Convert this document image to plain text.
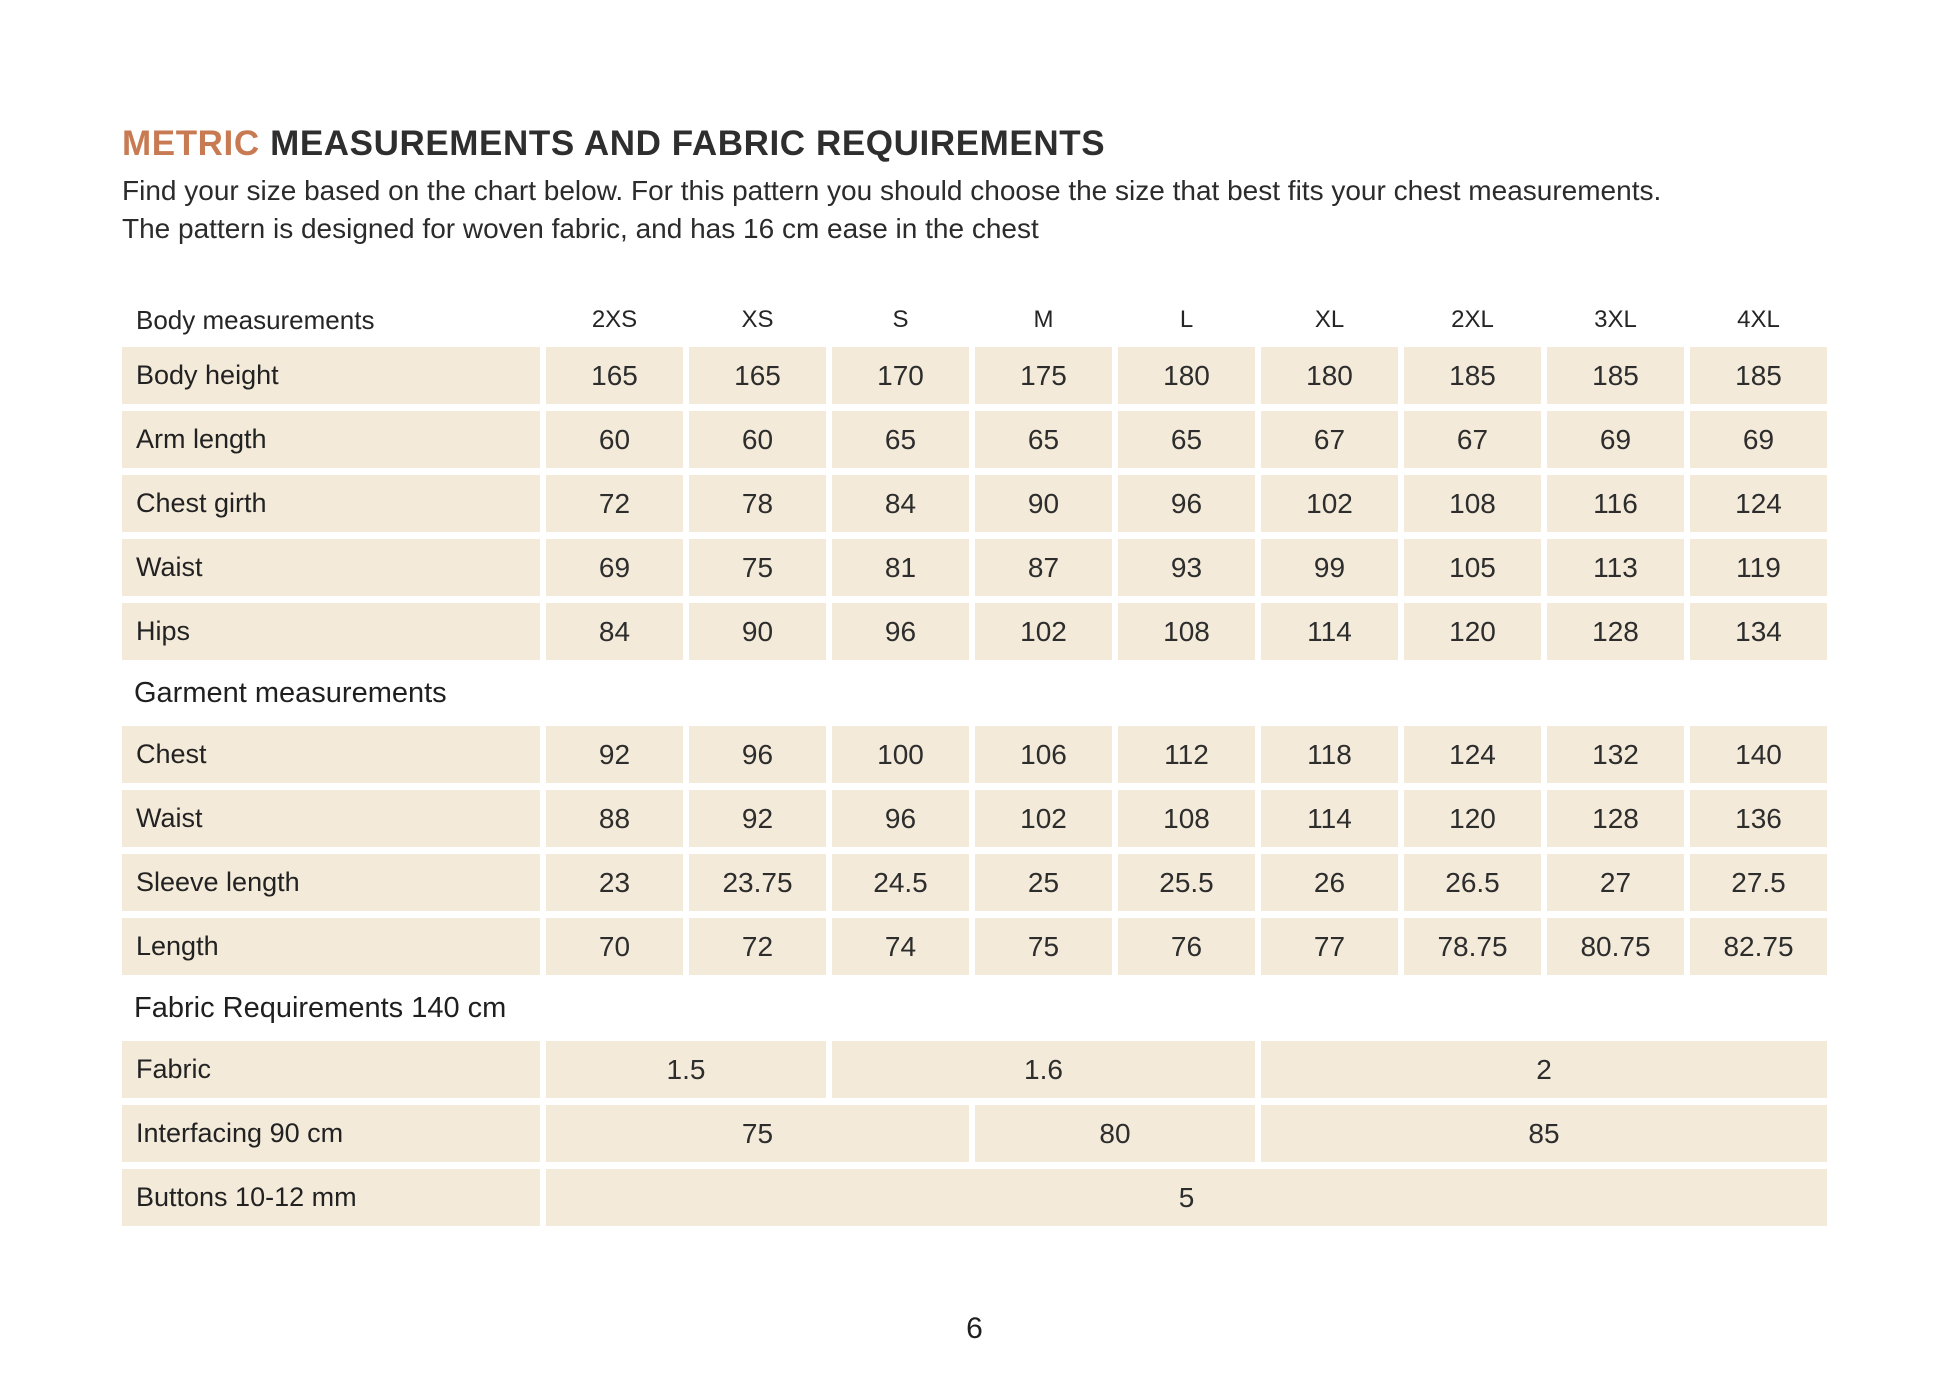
METRIC MEASUREMENTS AND FABRIC REQUIREMENTS

Find your size based on the chart below. For this pattern you should choose the size that best fits your chest measurements. The pattern is designed for woven fabric, and has 16 cm ease in the chest

Body measurements	2XS	XS	S	M	L	XL	2XL	3XL	4XL
Body height	165	165	170	175	180	180	185	185	185
Arm length	60	60	65	65	65	67	67	69	69
Chest girth	72	78	84	90	96	102	108	116	124
Waist	69	75	81	87	93	99	105	113	119
Hips	84	90	96	102	108	114	120	128	134
Garment measurements
Chest	92	96	100	106	112	118	124	132	140
Waist	88	92	96	102	108	114	120	128	136
Sleeve length	23	23.75	24.5	25	25.5	26	26.5	27	27.5
Length	70	72	74	75	76	77	78.75	80.75	82.75
Fabric Requirements 140 cm
Fabric	1.5	1.6	2
Interfacing 90 cm	75	80	85
Buttons 10-12 mm	5
6
